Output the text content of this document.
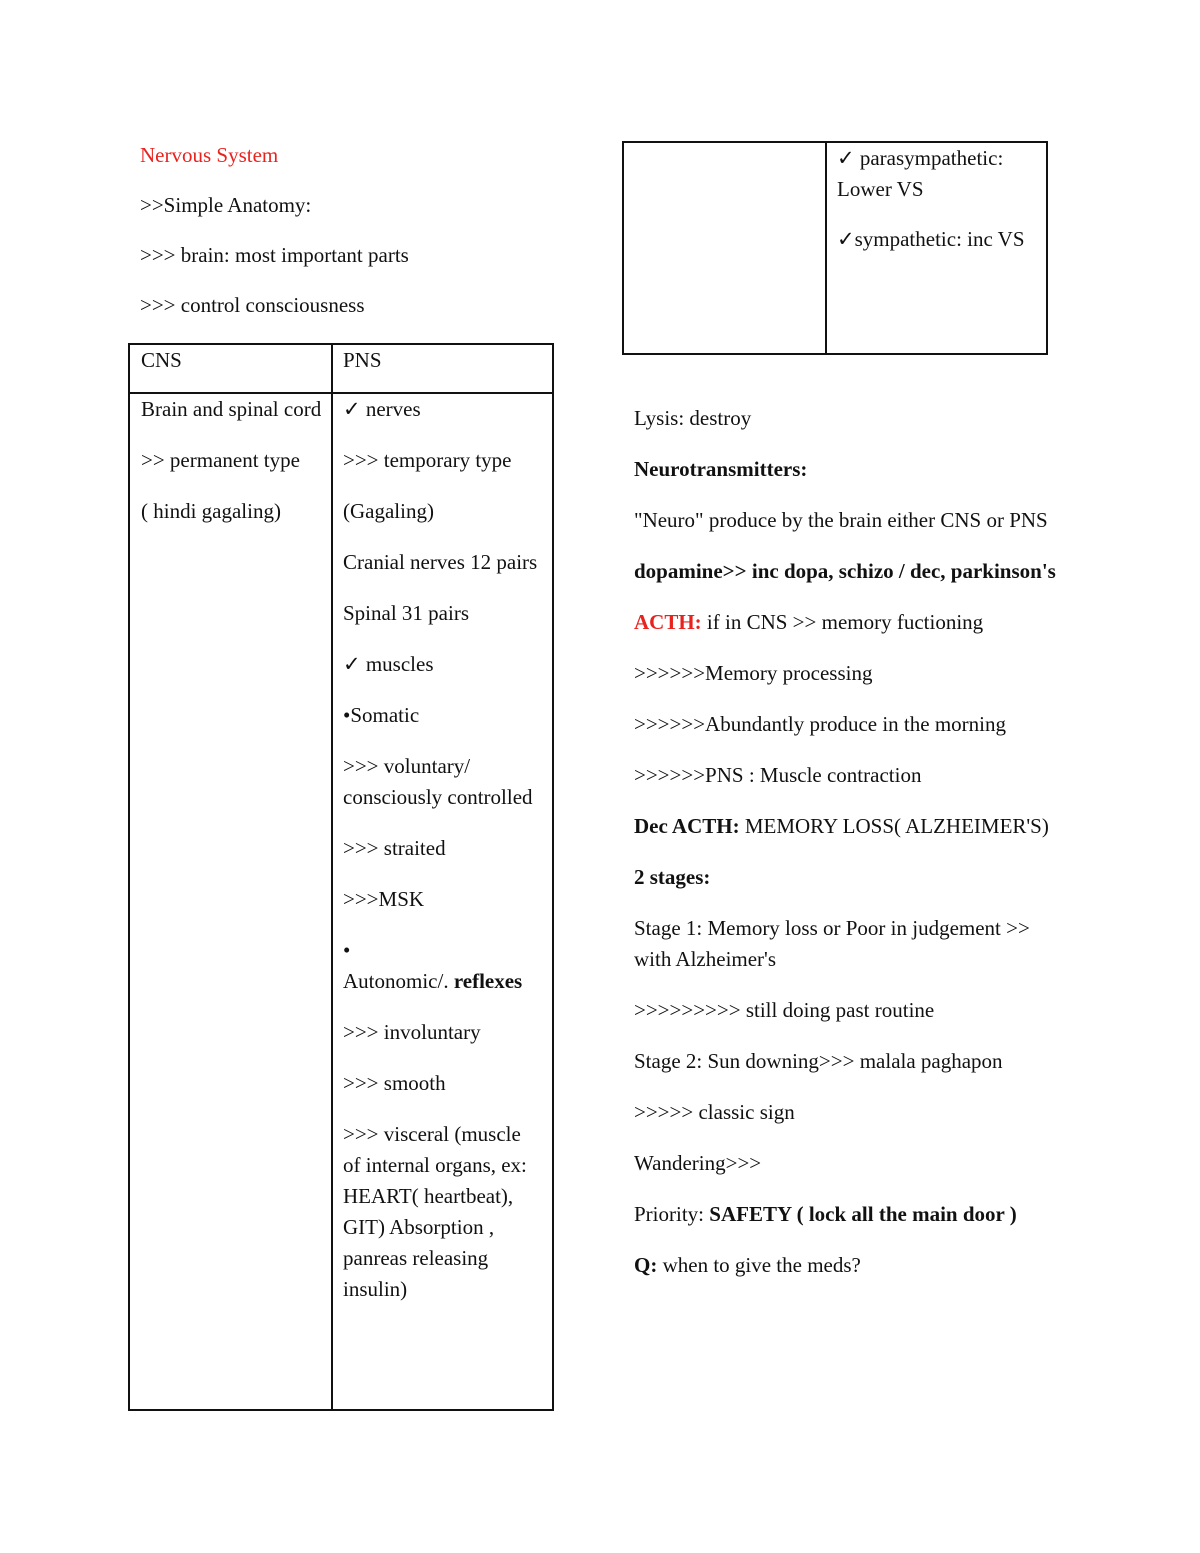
Nervous System

>>Simple Anatomy:

>>> brain: most important parts

>>> control consciousness

CNS	PNS

Brain and spinal cord

>> permanent type

( hindi gagaling)

✓ nerves

>>> temporary type

(Gagaling)

Cranial nerves 12 pairs

Spinal 31 pairs

✓ muscles

•Somatic

>>> voluntary/ consciously controlled

>>> straited

>>>MSK

•
Autonomic/. reflexes

>>> involuntary

>>> smooth

>>> visceral (muscle of internal organs, ex: HEART( heartbeat), GIT) Absorption , panreas releasing insulin)

✓ parasympathetic: Lower VS

✓sympathetic: inc VS

Lysis: destroy

Neurotransmitters:

"Neuro" produce by the brain either CNS or PNS

dopamine>> inc dopa, schizo / dec, parkinson's

ACTH: if in CNS >> memory fuctioning

>>>>>>Memory processing

>>>>>>Abundantly produce in the morning

>>>>>>PNS : Muscle contraction

Dec ACTH: MEMORY LOSS( ALZHEIMER'S)

2 stages:

Stage 1: Memory loss or Poor in judgement >> with Alzheimer's

>>>>>>>>> still doing past routine

Stage 2: Sun downing>>> malala paghapon

>>>>> classic sign

Wandering>>>

Priority: SAFETY ( lock all the main door )

Q: when to give the meds?
